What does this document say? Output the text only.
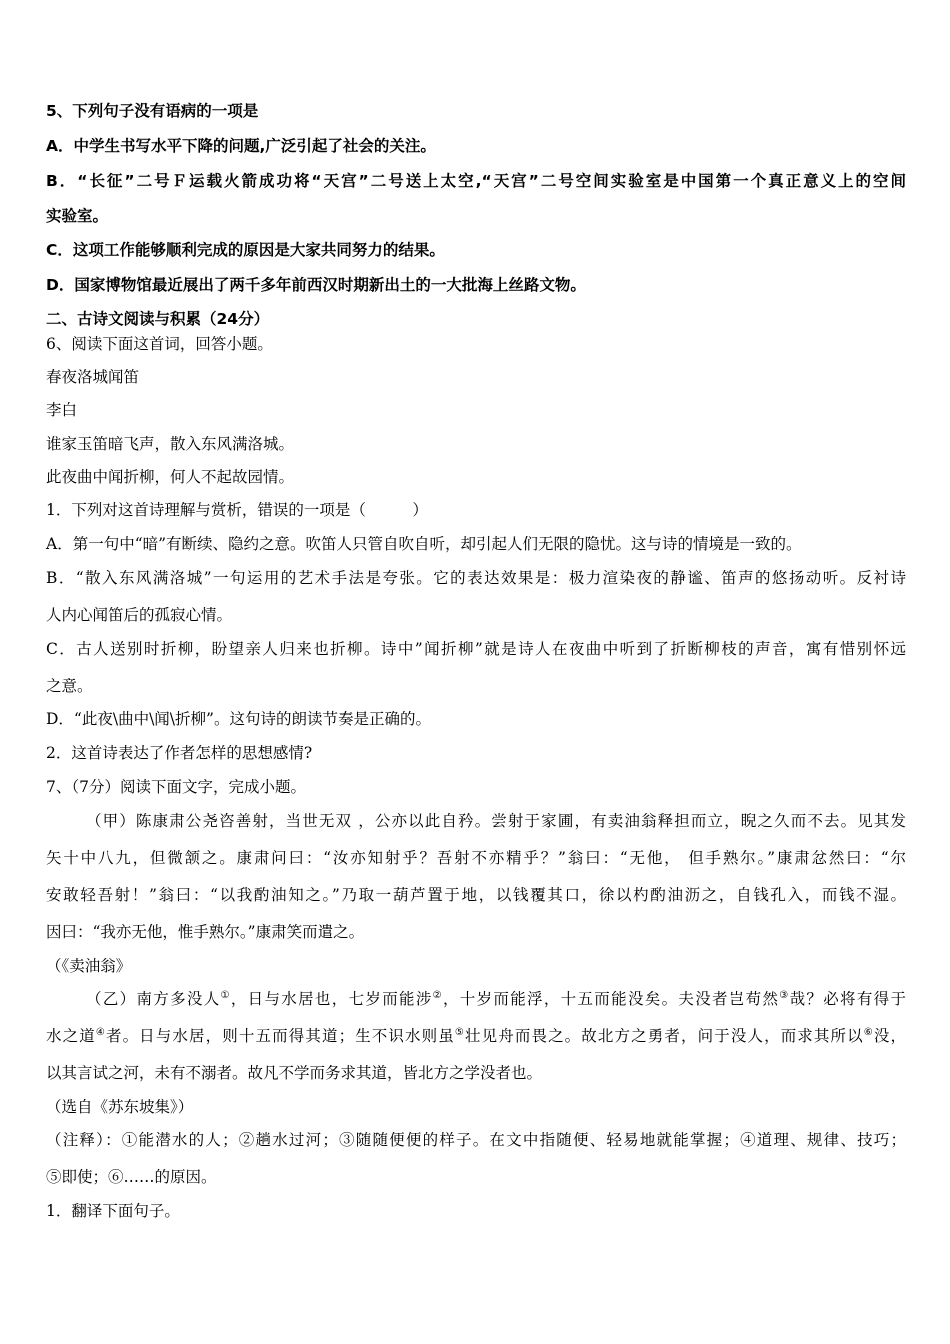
5、下列句子没有语病的一项是
A．中学生书写水平下降的问题,广泛引起了社会的关注。
B．“长征”二号Ｆ运载火箭成功将“天宫”二号送上太空,“天宫”二号空间实验室是中国第一个真正意义上的空间
实验室。
C．这项工作能够顺利完成的原因是大家共同努力的结果。
D．国家博物馆最近展出了两千多年前西汉时期新出土的一大批海上丝路文物。
二、古诗文阅读与积累（24分）
6、阅读下面这首词，回答小题。
春夜洛城闻笛
李白
谁家玉笛暗飞声，散入东风满洛城。
此夜曲中闻折柳，何人不起故园情。
1．下列对这首诗理解与赏析，错误的一项是（　　　）
A．第一句中“暗”有断续、隐约之意。吹笛人只管自吹自听，却引起人们无限的隐忧。这与诗的情境是一致的。
B．“散入东风满洛城”一句运用的艺术手法是夸张。它的表达效果是：极力渲染夜的静谧、笛声的悠扬动听。反衬诗
人内心闻笛后的孤寂心情。
C．古人送别时折柳，盼望亲人归来也折柳。诗中”闻折柳”就是诗人在夜曲中听到了折断柳枝的声音，寓有惜别怀远
之意。
D．“此夜\曲中\闻\折柳”。这句诗的朗读节奏是正确的。
2．这首诗表达了作者怎样的思想感情?
7、（7分）阅读下面文字，完成小题。
（甲）陈康肃公尧咨善射，当世无双 ，公亦以此自矜。尝射于家圃，有卖油翁释担而立，睨之久而不去。见其发
矢十中八九，但微颔之。康肃问曰：“汝亦知射乎？吾射不亦精乎？”翁曰：“无他， 但手熟尔。”康肃忿然曰：“尔
安敢轻吾射！”翁曰：“以我酌油知之。”乃取一葫芦置于地，以钱覆其口，徐以杓酌油沥之，自钱孔入，而钱不湿。
因曰：“我亦无他，惟手熟尔。”康肃笑而遣之。
（《卖油翁》
（乙）南方多没人①，日与水居也，七岁而能涉②，十岁而能浮，十五而能没矣。夫没者岂苟然③哉？必将有得于
水之道④者。日与水居，则十五而得其道；生不识水则虽⑤壮见舟而畏之。故北方之勇者，问于没人，而求其所以⑥没，
以其言试之河，未有不溺者。故凡不学而务求其道，皆北方之学没者也。
（选自《苏东坡集》）
（注释）：①能潜水的人；②趟水过河；③随随便便的样子。在文中指随便、轻易地就能掌握；④道理、规律、技巧；
⑤即使；⑥……的原因。
1．翻译下面句子。
